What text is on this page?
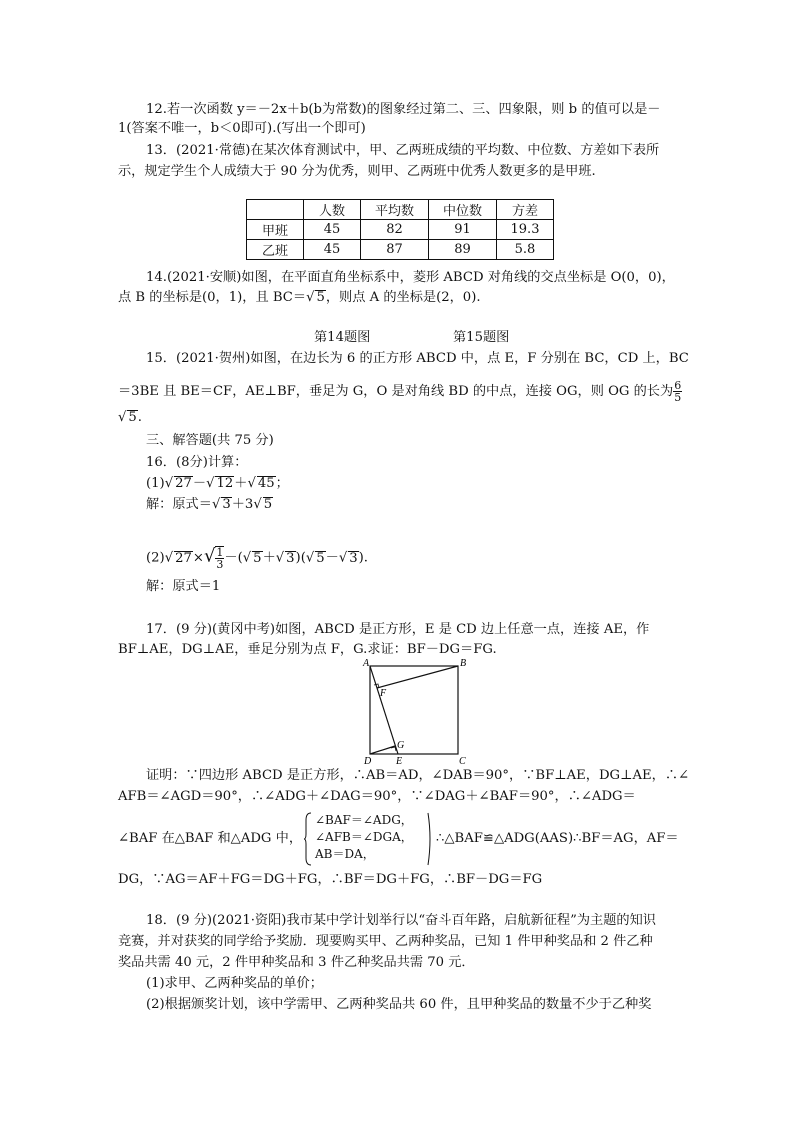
12.若一次函数 y＝－2x＋b(b为常数)的图象经过第二、三、四象限，则 b 的值可以是－
1(答案不唯一，b＜0即可).(写出一个即可)
13．(2021·常德)在某次体育测试中，甲、乙两班成绩的平均数、中位数、方差如下表所
示，规定学生个人成绩大于 90 分为优秀，则甲、乙两班中优秀人数更多的是甲班.
	人数	平均数	中位数	方差
甲班	45	82	91	19.3
乙班	45	87	89	5.8
14.(2021·安顺)如图，在平面直角坐标系中，菱形 ABCD 对角线的交点坐标是 O(0，0)，
点 B 的坐标是(0，1)，且 BC＝√ 5，则点 A 的坐标是(2，0).
第14题图	第15题图
15．(2021·贺州)如图，在边长为 6 的正方形 ABCD 中，点 E，F 分别在 BC，CD 上，BC
＝3BE 且 BE＝CF，AE⊥BF，垂足为 G，O 是对角线 BD 的中点，连接 OG，则 OG 的长为 $\frac{6}{5}$
√ 5.
三、解答题(共 75 分)
16．(8分)计算：
(1)√ 27－√ 12＋√ 45；
解：原式＝√ 3＋3√ 5
(2)√ $27\times√ \frac{1}{3}$ －(√ 5＋√ 3)(√ 5－√ 3).
解：原式＝1
17．(9 分)(黄冈中考)如图，ABCD 是正方形，E 是 CD 边上任意一点，连接 AE，作
BF⊥AE，DG⊥AE，垂足分别为点 F，G.求证：BF－DG＝FG.
A	B
C
D E
F
G
证明：∵四边形 ABCD 是正方形，∴AB＝AD，∠DAB＝90°，∵BF⊥AE，DG⊥AE，∴∠
AFB＝∠AGD＝90°，∴∠ADG＋∠DAG＝90°，∵∠DAG＋∠BAF＝90°，∴∠ADG＝
∠BAF 在△BAF 和△ADG 中，
∠BAF＝∠ADG，
∠AFB＝∠DGA，
AB＝DA，
∴△BAF≌△ADG(AAS)∴BF＝AG，AF＝
DG，∵AG＝AF＋FG＝DG＋FG，∴BF＝DG＋FG，∴BF－DG＝FG
18．(9 分)(2021·资阳)我市某中学计划举行以“奋斗百年路，启航新征程”为主题的知识
竞赛，并对获奖的同学给予奖励．现要购买甲、乙两种奖品，已知 1 件甲种奖品和 2 件乙种
奖品共需 40 元，2 件甲种奖品和 3 件乙种奖品共需 70 元．
(1)求甲、乙两种奖品的单价；
(2)根据颁奖计划，该中学需甲、乙两种奖品共 60 件，且甲种奖品的数量不少于乙种奖
